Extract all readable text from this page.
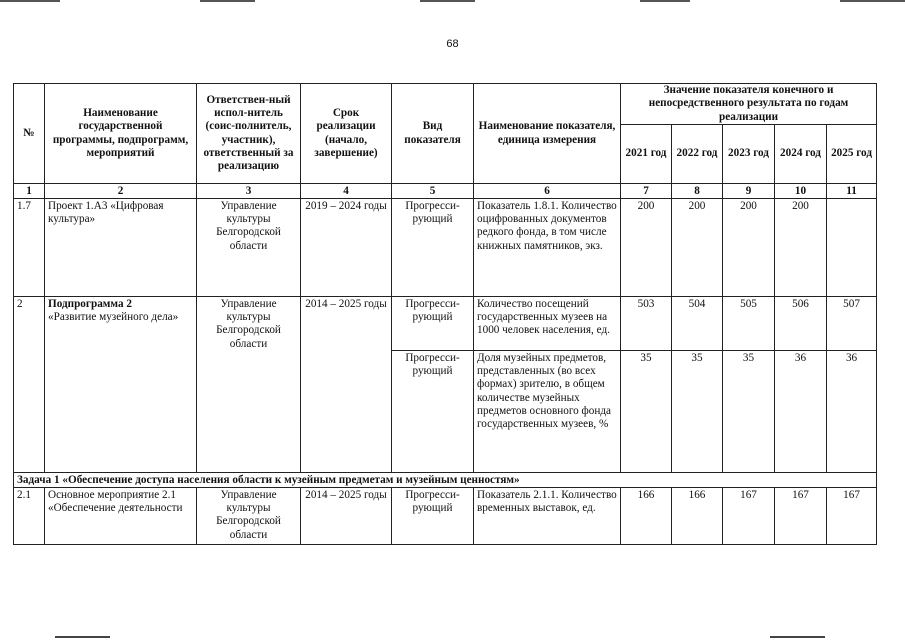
68
№	Наименование государственной программы, подпрограмм, мероприятий	Ответствен-ный испол-нитель (соис-полнитель, участник), ответственный за реализацию	Срок реализации (начало, завершение)	Вид показателя	Наименование показателя, единица измерения	Значение показателя конечного и непосредственного результата по годам реализации				
						2021 год	2022 год	2023 год	2024 год	2025 год
1	2	3	4	5	6	7	8	9	10	11
1.7	Проект 1.А3 «Цифровая культура»	Управление культуры Белгородской области	2019 – 2024 годы	Прогресси-рующий	Показатель 1.8.1. Количество оцифрованных документов редкого фонда, в том числе книжных памятников, экз.	200	200	200	200	
2	Подпрограмма 2
«Развитие музейного дела»	Управление культуры Белгородской области	2014 – 2025 годы	Прогресси-рующий	Количество посещений государственных музеев на 1000 человек населения, ед.	503	504	505	506	507
				Прогресси-рующий	Доля музейных предметов, представленных (во всех формах) зрителю, в общем количестве музейных предметов основного фонда государственных музеев, %	35	35	35	36	36
Задача 1 «Обеспечение доступа населения области к музейным предметам и музейным ценностям»										
2.1	Основное мероприятие 2.1 «Обеспечение деятельности	Управление культуры Белгородской области	2014 – 2025 годы	Прогресси-рующий	Показатель 2.1.1. Количество временных выставок, ед.	166	166	167	167	167
